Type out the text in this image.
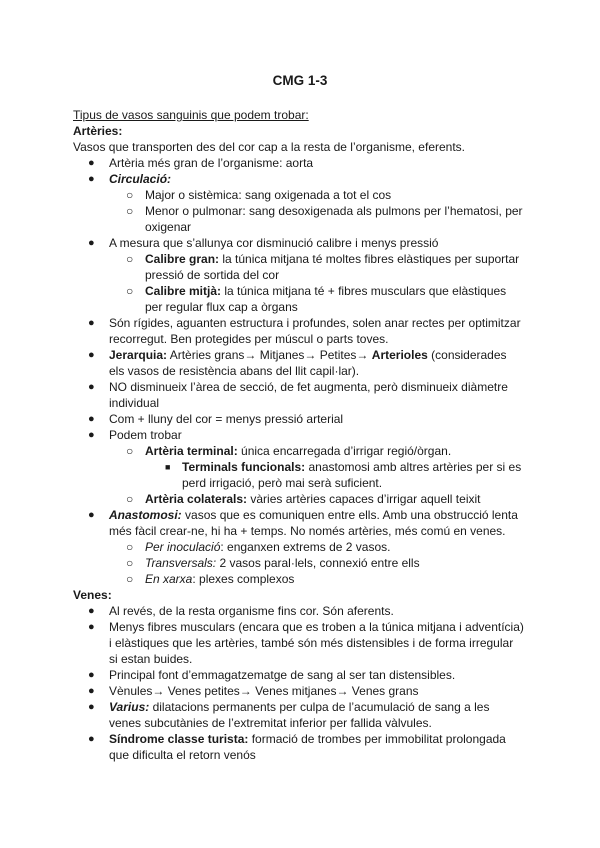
CMG 1-3
Tipus de vasos sanguinis que podem trobar:
Artèries:
Vasos que transporten des del cor cap a la resta de l’organisme, eferents.
● Artèria més gran de l’organisme: aorta
● Circulació:
○ Major o sistèmica: sang oxigenada a tot el cos
○ Menor o pulmonar: sang desoxigenada als pulmons per l’hematosi, per
oxigenar
● A mesura que s’allunya cor disminució calibre i menys pressió
○ Calibre gran: la túnica mitjana té moltes fibres elàstiques per suportar
pressió de sortida del cor
○ Calibre mitjà: la túnica mitjana té + fibres musculars que elàstiques
per regular flux cap a òrgans
● Són rígides, aguanten estructura i profundes, solen anar rectes per optimitzar
recorregut. Ben protegides per múscul o parts toves.
● Jerarquia: Artèries grans→ Mitjanes→ Petites→ Arterioles (considerades
els vasos de resistència abans del llit capil·lar).
● NO disminueix l’àrea de secció, de fet augmenta, però disminueix diàmetre
individual
● Com + lluny del cor = menys pressió arterial
● Podem trobar
○ Artèria terminal: única encarregada d’irrigar regió/òrgan.
■ Terminals funcionals: anastomosi amb altres artèries per si es
perd irrigació, però mai serà suficient.
○ Artèria colaterals: vàries artèries capaces d’irrigar aquell teixit
● Anastomosi: vasos que es comuniquen entre ells. Amb una obstrucció lenta
més fàcil crear-ne, hi ha + temps. No només artèries, més comú en venes.
○ Per inoculació: enganxen extrems de 2 vasos.
○ Transversals: 2 vasos paral·lels, connexió entre ells
○ En xarxa: plexes complexos
Venes:
● Al revés, de la resta organisme fins cor. Són aferents.
● Menys fibres musculars (encara que es troben a la túnica mitjana i adventícia)
i elàstiques que les artèries, també són més distensibles i de forma irregular
si estan buides.
● Principal font d’emmagatzematge de sang al ser tan distensibles.
● Vènules→ Venes petites→ Venes mitjanes→ Venes grans
● Varius: dilatacions permanents per culpa de l’acumulació de sang a les
venes subcutànies de l’extremitat inferior per fallida vàlvules.
● Síndrome classe turista: formació de trombes per immobilitat prolongada
que dificulta el retorn venós
